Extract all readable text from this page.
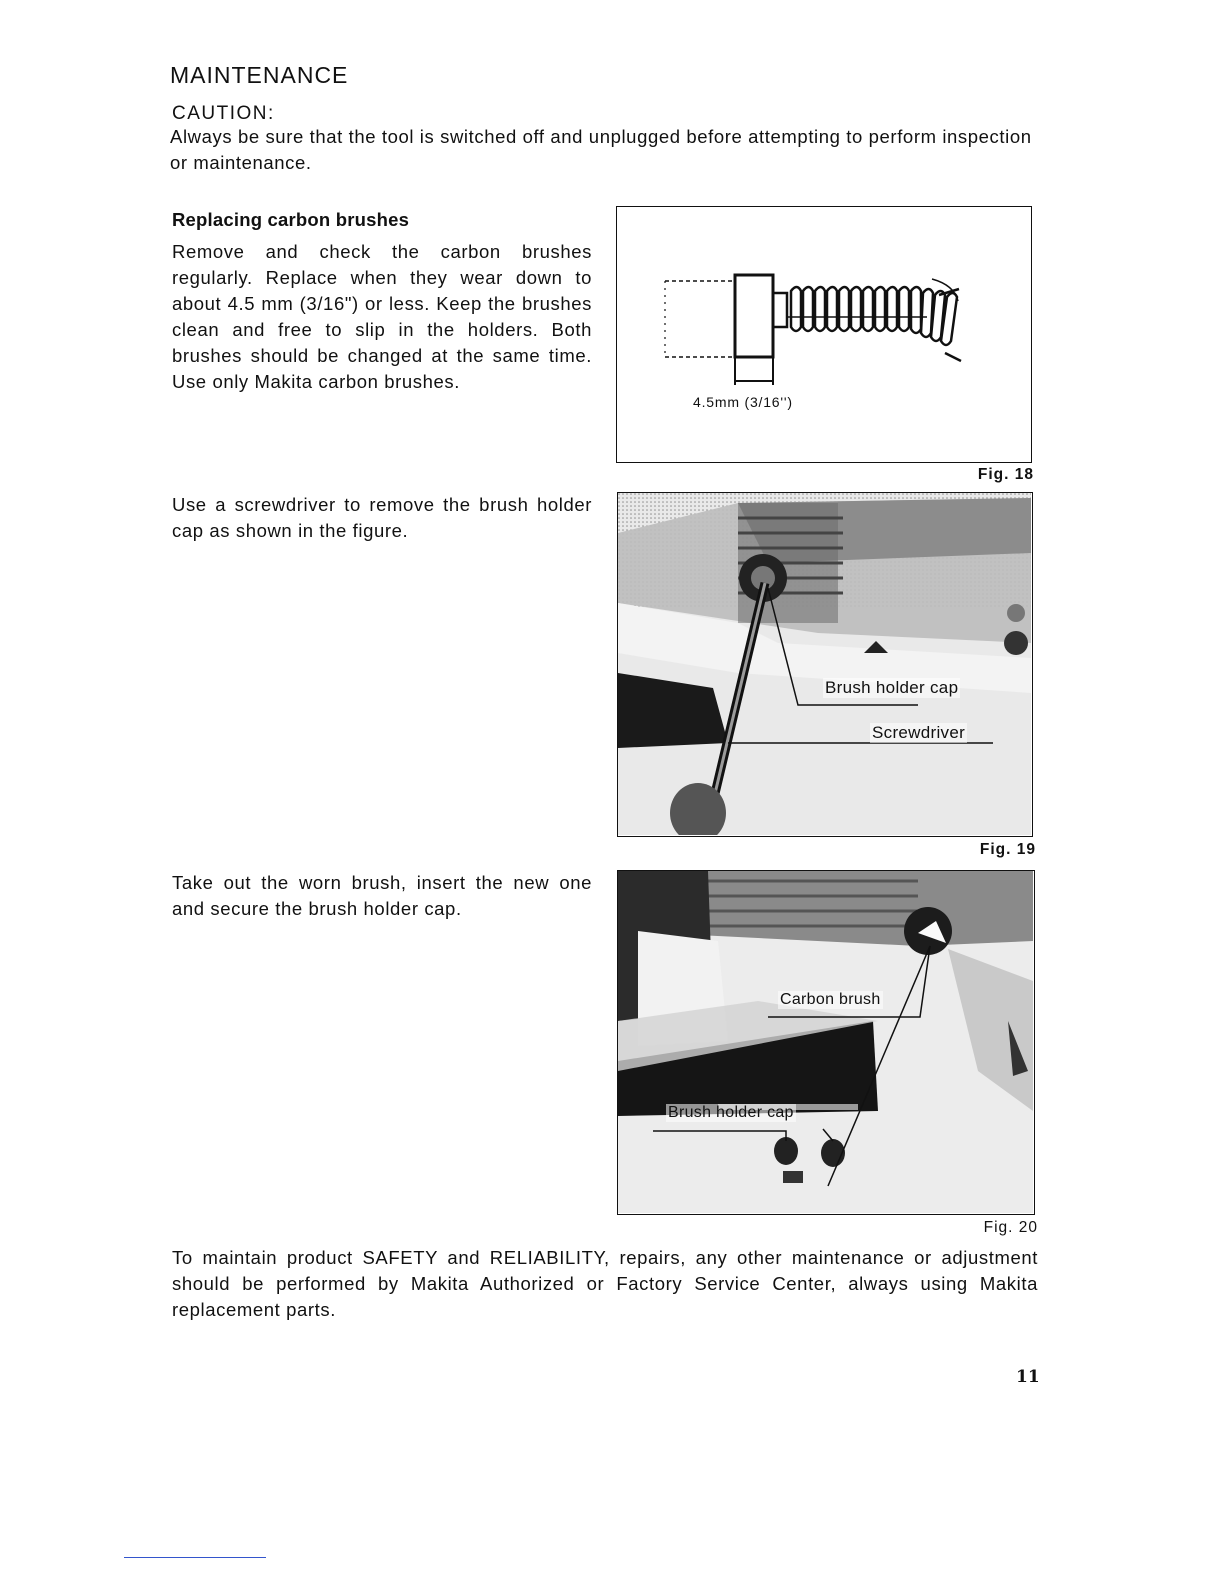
MAINTENANCE
CAUTION:
Always be sure that the tool is switched off and unplugged before attempting to perform inspection or maintenance.
Replacing carbon brushes
Remove and check the carbon brushes regularly. Replace when they wear down to about 4.5 mm (3/16") or less. Keep the brushes clean and free to slip in the holders. Both brushes should be changed at the same time. Use only Makita carbon brushes.
Use a screwdriver to remove the brush holder cap as shown in the figure.
Take out the worn brush, insert the new one and secure the brush holder cap.
4.5mm (3/16'')
Fig. 18
Brush holder cap
Screwdriver
Fig. 19
Carbon brush
Brush holder cap
Fig. 20
To maintain product SAFETY and RELIABILITY, repairs, any other maintenance or adjustment should be performed by Makita Authorized or Factory Service Center, always using Makita replacement parts.
11
